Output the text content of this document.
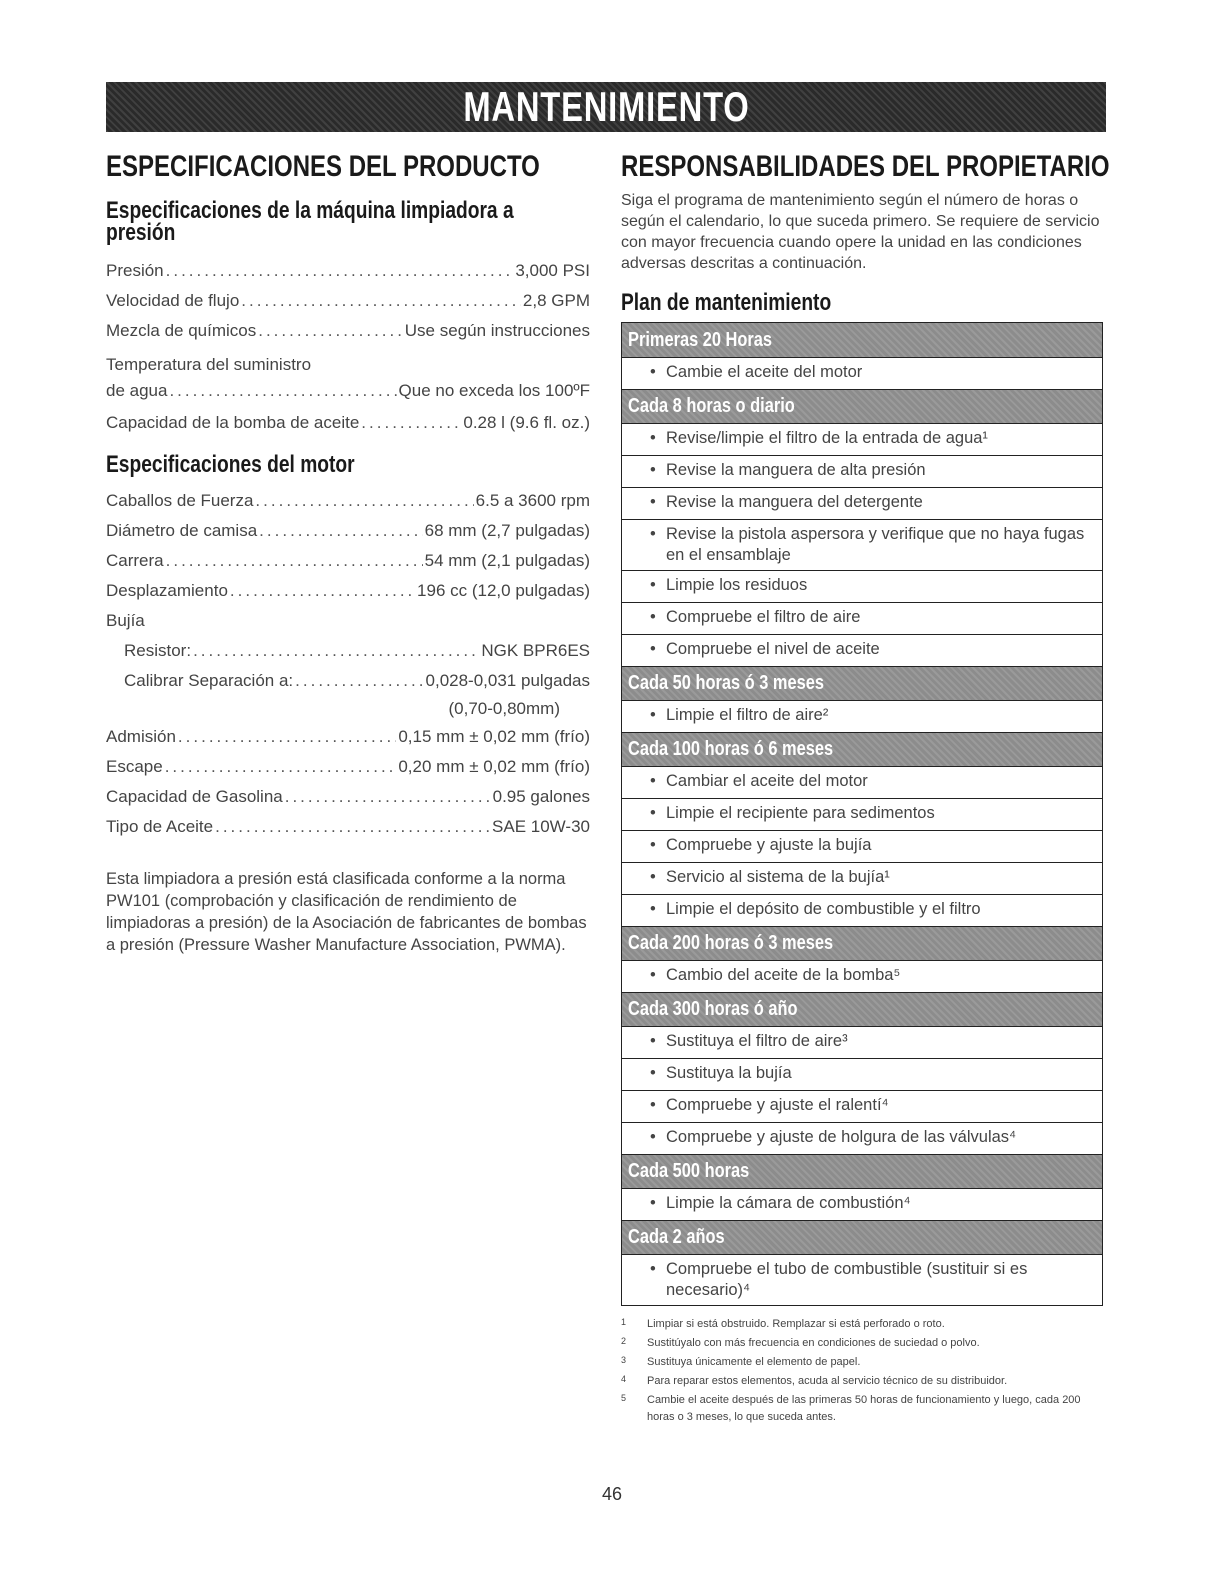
MANTENIMIENTO
ESPECIFICACIONES DEL PRODUCTO
Especificaciones de la máquina limpiadora a presión
Presión .....	3,000 PSI
Velocidad de flujo .....	2,8 GPM
Mezcla de químicos .....	Use según instrucciones
Temperatura del suministro
de agua .....	Que no exceda los 100ºF
Capacidad de la bomba de aceite .....	0.28 l (9.6 fl. oz.)
Especificaciones del motor
Caballos de Fuerza .....	6.5 a 3600 rpm
Diámetro de camisa .....	68 mm (2,7 pulgadas)
Carrera .....	54 mm (2,1 pulgadas)
Desplazamiento .....	196 cc (12,0 pulgadas)
Bujía
Resistor: .....	NGK BPR6ES
Calibrar Separación a: .....	0,028-0,031 pulgadas
(0,70-0,80mm)
Admisión .....	0,15 mm ± 0,02 mm (frío)
Escape .....	0,20 mm ± 0,02 mm (frío)
Capacidad de Gasolina .....	0.95 galones
Tipo de Aceite .....	SAE 10W-30

Esta limpiadora a presión está clasificada conforme a la norma PW101 (comprobación y clasificación de rendimiento de limpiadoras a presión) de la Asociación de fabricantes de bombas a presión (Pressure Washer Manufacture Association, PWMA).

RESPONSABILIDADES DEL PROPIETARIO

Siga el programa de mantenimiento según el número de horas o según el calendario, lo que suceda primero. Se requiere de servicio con mayor frecuencia cuando opere la unidad en las condiciones adversas descritas a continuación.

Plan de mantenimiento
Primeras 20 Horas
• Cambie el aceite del motor
Cada 8 horas o diario
• Revise/limpie el filtro de la entrada de agua¹
• Revise la manguera de alta presión
• Revise la manguera del detergente
• Revise la pistola aspersora y verifique que no haya fugas en el ensamblaje
• Limpie los residuos
• Compruebe el filtro de aire
• Compruebe el nivel de aceite
Cada 50 horas ó 3 meses
• Limpie el filtro de aire²
Cada 100 horas ó 6 meses
• Cambiar el aceite del motor
• Limpie el recipiente para sedimentos
• Compruebe y ajuste la bujía
• Servicio al sistema de la bujía¹
• Limpie el depósito de combustible y el filtro
Cada 200 horas ó 3 meses
• Cambio del aceite de la bomba⁵
Cada 300 horas ó año
• Sustituya el filtro de aire³
• Sustituya la bujía
• Compruebe y ajuste el ralentí⁴
• Compruebe y ajuste de holgura de las válvulas⁴
Cada 500 horas
• Limpie la cámara de combustión⁴
Cada 2 años
• Compruebe el tubo de combustible (sustituir si es necesario)⁴
1	Limpiar si está obstruido. Remplazar si está perforado o roto.
2	Sustitúyalo con más frecuencia en condiciones de suciedad o polvo.
3	Sustituya únicamente el elemento de papel.
4	Para reparar estos elementos, acuda al servicio técnico de su distribuidor.
5	Cambie el aceite después de las primeras 50 horas de funcionamiento y luego, cada 200 horas o 3 meses, lo que suceda antes.
46
